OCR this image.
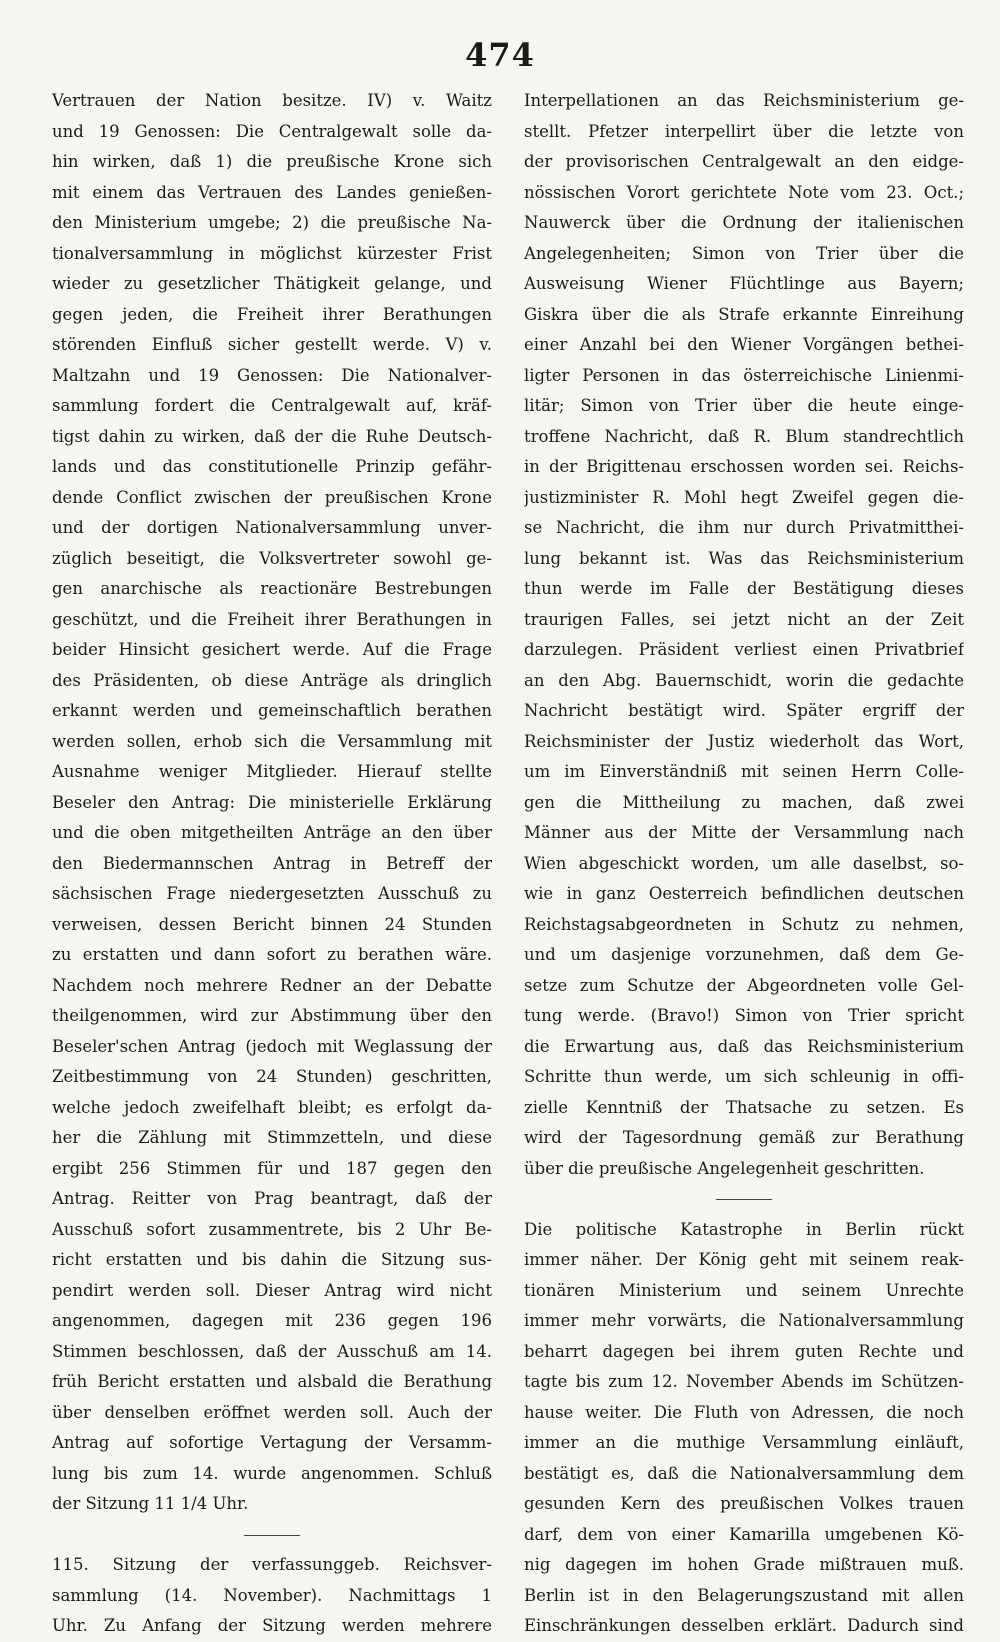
474
Vertrauen der Nation besitze. IV) v. Waitz
und 19 Genossen: Die Centralgewalt solle da-
hin wirken, daß 1) die preußische Krone sich
mit einem das Vertrauen des Landes genießen-
den Ministerium umgebe; 2) die preußische Na-
tionalversammlung in möglichst kürzester Frist
wieder zu gesetzlicher Thätigkeit gelange, und
gegen jeden, die Freiheit ihrer Berathungen
störenden Einfluß sicher gestellt werde. V) v.
Maltzahn und 19 Genossen: Die Nationalver-
sammlung fordert die Centralgewalt auf, kräf-
tigst dahin zu wirken, daß der die Ruhe Deutsch-
lands und das constitutionelle Prinzip gefähr-
dende Conflict zwischen der preußischen Krone
und der dortigen Nationalversammlung unver-
züglich beseitigt, die Volksvertreter sowohl ge-
gen anarchische als reactionäre Bestrebungen
geschützt, und die Freiheit ihrer Berathungen in
beider Hinsicht gesichert werde. Auf die Frage
des Präsidenten, ob diese Anträge als dringlich
erkannt werden und gemeinschaftlich berathen
werden sollen, erhob sich die Versammlung mit
Ausnahme weniger Mitglieder. Hierauf stellte
Beseler den Antrag: Die ministerielle Erklärung
und die oben mitgetheilten Anträge an den über
den Biedermannschen Antrag in Betreff der
sächsischen Frage niedergesetzten Ausschuß zu
verweisen, dessen Bericht binnen 24 Stunden
zu erstatten und dann sofort zu berathen wäre.
Nachdem noch mehrere Redner an der Debatte
theilgenommen, wird zur Abstimmung über den
Beseler'schen Antrag (jedoch mit Weglassung der
Zeitbestimmung von 24 Stunden) geschritten,
welche jedoch zweifelhaft bleibt; es erfolgt da-
her die Zählung mit Stimmzetteln, und diese
ergibt 256 Stimmen für und 187 gegen den
Antrag. Reitter von Prag beantragt, daß der
Ausschuß sofort zusammentrete, bis 2 Uhr Be-
richt erstatten und bis dahin die Sitzung sus-
pendirt werden soll. Dieser Antrag wird nicht
angenommen, dagegen mit 236 gegen 196
Stimmen beschlossen, daß der Ausschuß am 14.
früh Bericht erstatten und alsbald die Berathung
über denselben eröffnet werden soll. Auch der
Antrag auf sofortige Vertagung der Versamm-
lung bis zum 14. wurde angenommen. Schluß
der Sitzung 11 1/4 Uhr.
115. Sitzung der verfassunggeb. Reichsver-
sammlung (14. November). Nachmittags 1
Uhr. Zu Anfang der Sitzung werden mehrere
Interpellationen an das Reichsministerium ge-
stellt. Pfetzer interpellirt über die letzte von
der provisorischen Centralgewalt an den eidge-
nössischen Vorort gerichtete Note vom 23. Oct.;
Nauwerck über die Ordnung der italienischen
Angelegenheiten; Simon von Trier über die
Ausweisung Wiener Flüchtlinge aus Bayern;
Giskra über die als Strafe erkannte Einreihung
einer Anzahl bei den Wiener Vorgängen bethei-
ligter Personen in das österreichische Linienmi-
litär; Simon von Trier über die heute einge-
troffene Nachricht, daß R. Blum standrechtlich
in der Brigittenau erschossen worden sei. Reichs-
justizminister R. Mohl hegt Zweifel gegen die-
se Nachricht, die ihm nur durch Privatmitthei-
lung bekannt ist. Was das Reichsministerium
thun werde im Falle der Bestätigung dieses
traurigen Falles, sei jetzt nicht an der Zeit
darzulegen. Präsident verliest einen Privatbrief
an den Abg. Bauernschidt, worin die gedachte
Nachricht bestätigt wird. Später ergriff der
Reichsminister der Justiz wiederholt das Wort,
um im Einverständniß mit seinen Herrn Colle-
gen die Mittheilung zu machen, daß zwei
Männer aus der Mitte der Versammlung nach
Wien abgeschickt worden, um alle daselbst, so-
wie in ganz Oesterreich befindlichen deutschen
Reichstagsabgeordneten in Schutz zu nehmen,
und um dasjenige vorzunehmen, daß dem Ge-
setze zum Schutze der Abgeordneten volle Gel-
tung werde. (Bravo!) Simon von Trier spricht
die Erwartung aus, daß das Reichsministerium
Schritte thun werde, um sich schleunig in offi-
zielle Kenntniß der Thatsache zu setzen. Es
wird der Tagesordnung gemäß zur Berathung
über die preußische Angelegenheit geschritten.
Die politische Katastrophe in Berlin rückt
immer näher. Der König geht mit seinem reak-
tionären Ministerium und seinem Unrechte
immer mehr vorwärts, die Nationalversammlung
beharrt dagegen bei ihrem guten Rechte und
tagte bis zum 12. November Abends im Schützen-
hause weiter. Die Fluth von Adressen, die noch
immer an die muthige Versammlung einläuft,
bestätigt es, daß die Nationalversammlung dem
gesunden Kern des preußischen Volkes trauen
darf, dem von einer Kamarilla umgebenen Kö-
nig dagegen im hohen Grade mißtrauen muß.
Berlin ist in den Belagerungszustand mit allen
Einschränkungen desselben erklärt. Dadurch sind
